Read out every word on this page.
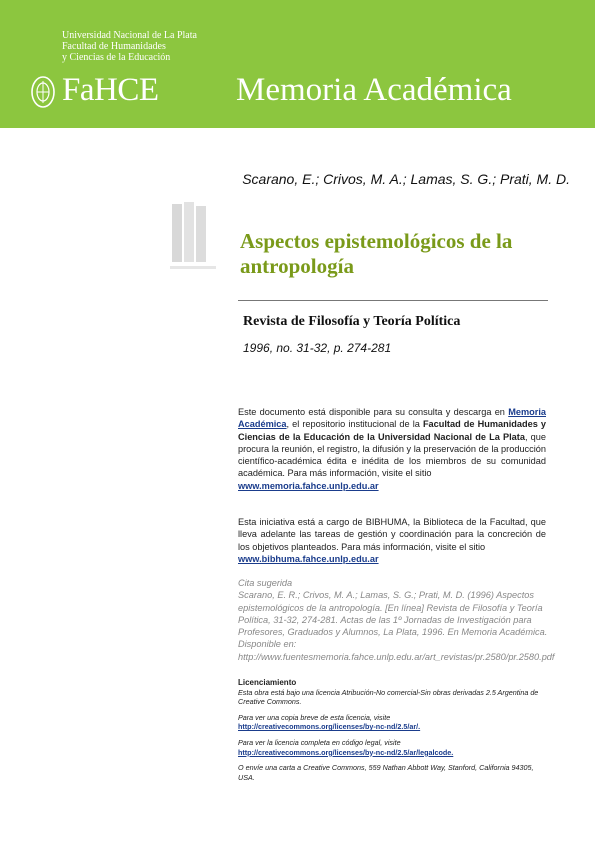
Universidad Nacional de La Plata
Facultad de Humanidades
y Ciencias de la Educación
FaHCE Memoria Académica
Scarano, E.; Crivos, M. A.; Lamas, S. G.; Prati, M. D.
Aspectos epistemológicos de la antropología
Revista de Filosofía y Teoría Política
1996, no. 31-32, p. 274-281
Este documento está disponible para su consulta y descarga en Memoria Académica, el repositorio institucional de la Facultad de Humanidades y Ciencias de la Educación de la Universidad Nacional de La Plata, que procura la reunión, el registro, la difusión y la preservación de la producción científico-académica édita e inédita de los miembros de su comunidad académica. Para más información, visite el sitio
www.memoria.fahce.unlp.edu.ar
Esta iniciativa está a cargo de BIBHUMA, la Biblioteca de la Facultad, que lleva adelante las tareas de gestión y coordinación para la concreción de los objetivos planteados. Para más información, visite el sitio
www.bibhuma.fahce.unlp.edu.ar
Cita sugerida
Scarano, E. R.; Crivos, M. A.; Lamas, S. G.; Prati, M. D. (1996) Aspectos epistemológicos de la antropología. [En línea] Revista de Filosofía y Teoría Política, 31-32, 274-281. Actas de las 1º Jornadas de Investigación para Profesores, Graduados y Alumnos, La Plata, 1996. En Memoria Académica. Disponible en: http://www.fuentesmemoria.fahce.unlp.edu.ar/art_revistas/pr.2580/pr.2580.pdf
Licenciamiento
Esta obra está bajo una licencia Atribución-No comercial-Sin obras derivadas 2.5 Argentina de Creative Commons.
Para ver una copia breve de esta licencia, visite
http://creativecommons.org/licenses/by-nc-nd/2.5/ar/.
Para ver la licencia completa en código legal, visite
http://creativecommons.org/licenses/by-nc-nd/2.5/ar/legalcode.
O envíe una carta a Creative Commons, 559 Nathan Abbott Way, Stanford, California 94305, USA.
